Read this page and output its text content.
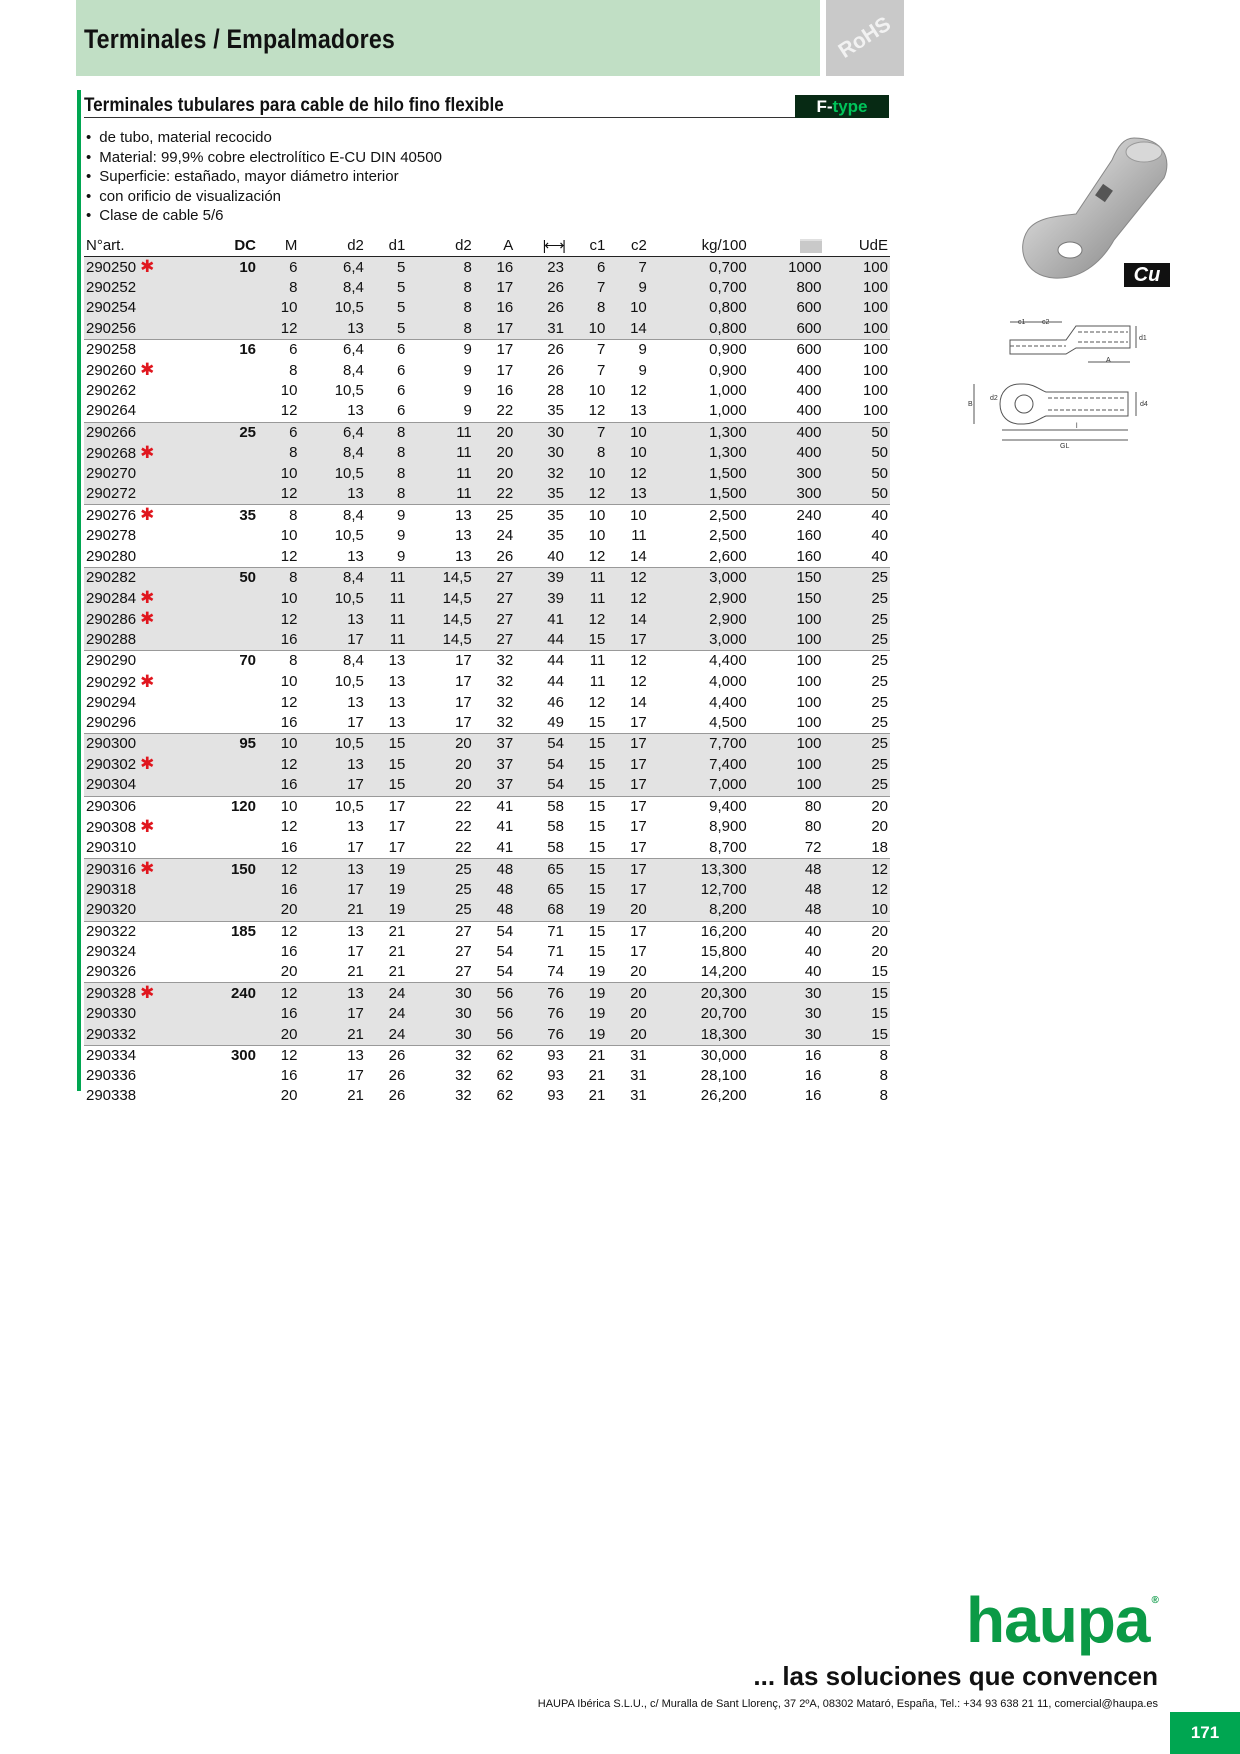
Terminales / Empalmadores	RoHS
Terminales tubulares para cable de hilo fino flexible	F-type
• de tubo, material recocido
• Material: 99,9% cobre electrolítico E-CU DIN 40500
• Superficie: estañado, mayor diámetro interior
• con orificio de visualización
• Clase de cable 5/6
N°art.	DC	M	d2	d1	d2	A	|⟷|	c1	c2	kg/100		UdE
290250 ✱	10	6	6,4	5	8	16	23	6	7	0,700	1000	100
290252		8	8,4	5	8	17	26	7	9	0,700	800	100
290254		10	10,5	5	8	16	26	8	10	0,800	600	100
290256		12	13	5	8	17	31	10	14	0,800	600	100
290258	16	6	6,4	6	9	17	26	7	9	0,900	600	100
290260 ✱		8	8,4	6	9	17	26	7	9	0,900	400	100
290262		10	10,5	6	9	16	28	10	12	1,000	400	100
290264		12	13	6	9	22	35	12	13	1,000	400	100
290266	25	6	6,4	8	11	20	30	7	10	1,300	400	50
290268 ✱		8	8,4	8	11	20	30	8	10	1,300	400	50
290270		10	10,5	8	11	20	32	10	12	1,500	300	50
290272		12	13	8	11	22	35	12	13	1,500	300	50
290276 ✱	35	8	8,4	9	13	25	35	10	10	2,500	240	40
290278		10	10,5	9	13	24	35	10	11	2,500	160	40
290280		12	13	9	13	26	40	12	14	2,600	160	40
290282	50	8	8,4	11	14,5	27	39	11	12	3,000	150	25
290284 ✱		10	10,5	11	14,5	27	39	11	12	2,900	150	25
290286 ✱		12	13	11	14,5	27	41	12	14	2,900	100	25
290288		16	17	11	14,5	27	44	15	17	3,000	100	25
290290	70	8	8,4	13	17	32	44	11	12	4,400	100	25
290292 ✱		10	10,5	13	17	32	44	11	12	4,000	100	25
290294		12	13	13	17	32	46	12	14	4,400	100	25
290296		16	17	13	17	32	49	15	17	4,500	100	25
290300	95	10	10,5	15	20	37	54	15	17	7,700	100	25
290302 ✱		12	13	15	20	37	54	15	17	7,400	100	25
290304		16	17	15	20	37	54	15	17	7,000	100	25
290306	120	10	10,5	17	22	41	58	15	17	9,400	80	20
290308 ✱		12	13	17	22	41	58	15	17	8,900	80	20
290310		16	17	17	22	41	58	15	17	8,700	72	18
290316 ✱	150	12	13	19	25	48	65	15	17	13,300	48	12
290318		16	17	19	25	48	65	15	17	12,700	48	12
290320		20	21	19	25	48	68	19	20	8,200	48	10
290322	185	12	13	21	27	54	71	15	17	16,200	40	20
290324		16	17	21	27	54	71	15	17	15,800	40	20
290326		20	21	21	27	54	74	19	20	14,200	40	15
290328 ✱	240	12	13	24	30	56	76	19	20	20,300	30	15
290330		16	17	24	30	56	76	19	20	20,700	30	15
290332		20	21	24	30	56	76	19	20	18,300	30	15
290334	300	12	13	26	32	62	93	21	31	30,000	16	8
290336		16	17	26	32	62	93	21	31	28,100	16	8
290338		20	21	26	32	62	93	21	31	26,200	16	8
Cu
c1 c2
d1
A
B
d2
d4
l
GL
haupa ®
... las soluciones que convencen
HAUPA Ibérica S.L.U., c/ Muralla de Sant Llorenç, 37 2ºA, 08302 Mataró, España, Tel.: +34 93 638 21 11, comercial@haupa.es
171
